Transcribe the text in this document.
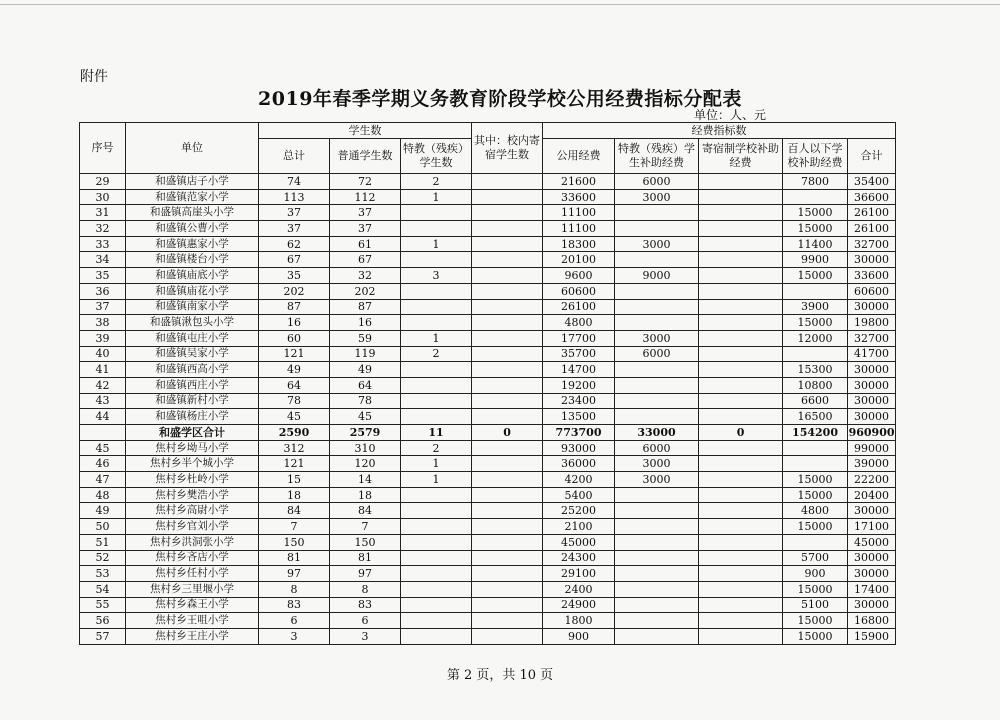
附件
2019年春季学期义务教育阶段学校公用经费指标分配表
单位：人、元
序号	单位	学生数			其中：校内寄宿学生数	经费指标数				
		总计	普通学生数	特教（残疾）学生数		公用经费	特教（残疾）学生补助经费	寄宿制学校补助经费	百人以下学校补助经费	合计
29	和盛镇店子小学	74	72	2		21600	6000		7800	35400
30	和盛镇范家小学	113	112	1		33600	3000			36600
31	和盛镇高崖头小学	37	37			11100			15000	26100
32	和盛镇公曹小学	37	37			11100			15000	26100
33	和盛镇惠家小学	62	61	1		18300	3000		11400	32700
34	和盛镇楼台小学	67	67			20100			9900	30000
35	和盛镇庙底小学	35	32	3		9600	9000		15000	33600
36	和盛镇庙花小学	202	202			60600				60600
37	和盛镇南家小学	87	87			26100			3900	30000
38	和盛镇湫包头小学	16	16			4800			15000	19800
39	和盛镇屯庄小学	60	59	1		17700	3000		12000	32700
40	和盛镇吴家小学	121	119	2		35700	6000			41700
41	和盛镇西高小学	49	49			14700			15300	30000
42	和盛镇西庄小学	64	64			19200			10800	30000
43	和盛镇新村小学	78	78			23400			6600	30000
44	和盛镇杨庄小学	45	45			13500			16500	30000
	和盛学区合计	2590	2579	11	0	773700	33000	0	154200	960900
45	焦村乡坳马小学	312	310	2		93000	6000			99000
46	焦村乡半个城小学	121	120	1		36000	3000			39000
47	焦村乡杜岭小学	15	14	1		4200	3000		15000	22200
48	焦村乡樊浩小学	18	18			5400			15000	20400
49	焦村乡高尉小学	84	84			25200			4800	30000
50	焦村乡官刘小学	7	7			2100			15000	17100
51	焦村乡洪洞张小学	150	150			45000				45000
52	焦村乡吝店小学	81	81			24300			5700	30000
53	焦村乡任村小学	97	97			29100			900	30000
54	焦村乡三里堰小学	8	8			2400			15000	17400
55	焦村乡森王小学	83	83			24900			5100	30000
56	焦村乡王咀小学	6	6			1800			15000	16800
57	焦村乡王庄小学	3	3			900			15000	15900
第 2 页，共 10 页
